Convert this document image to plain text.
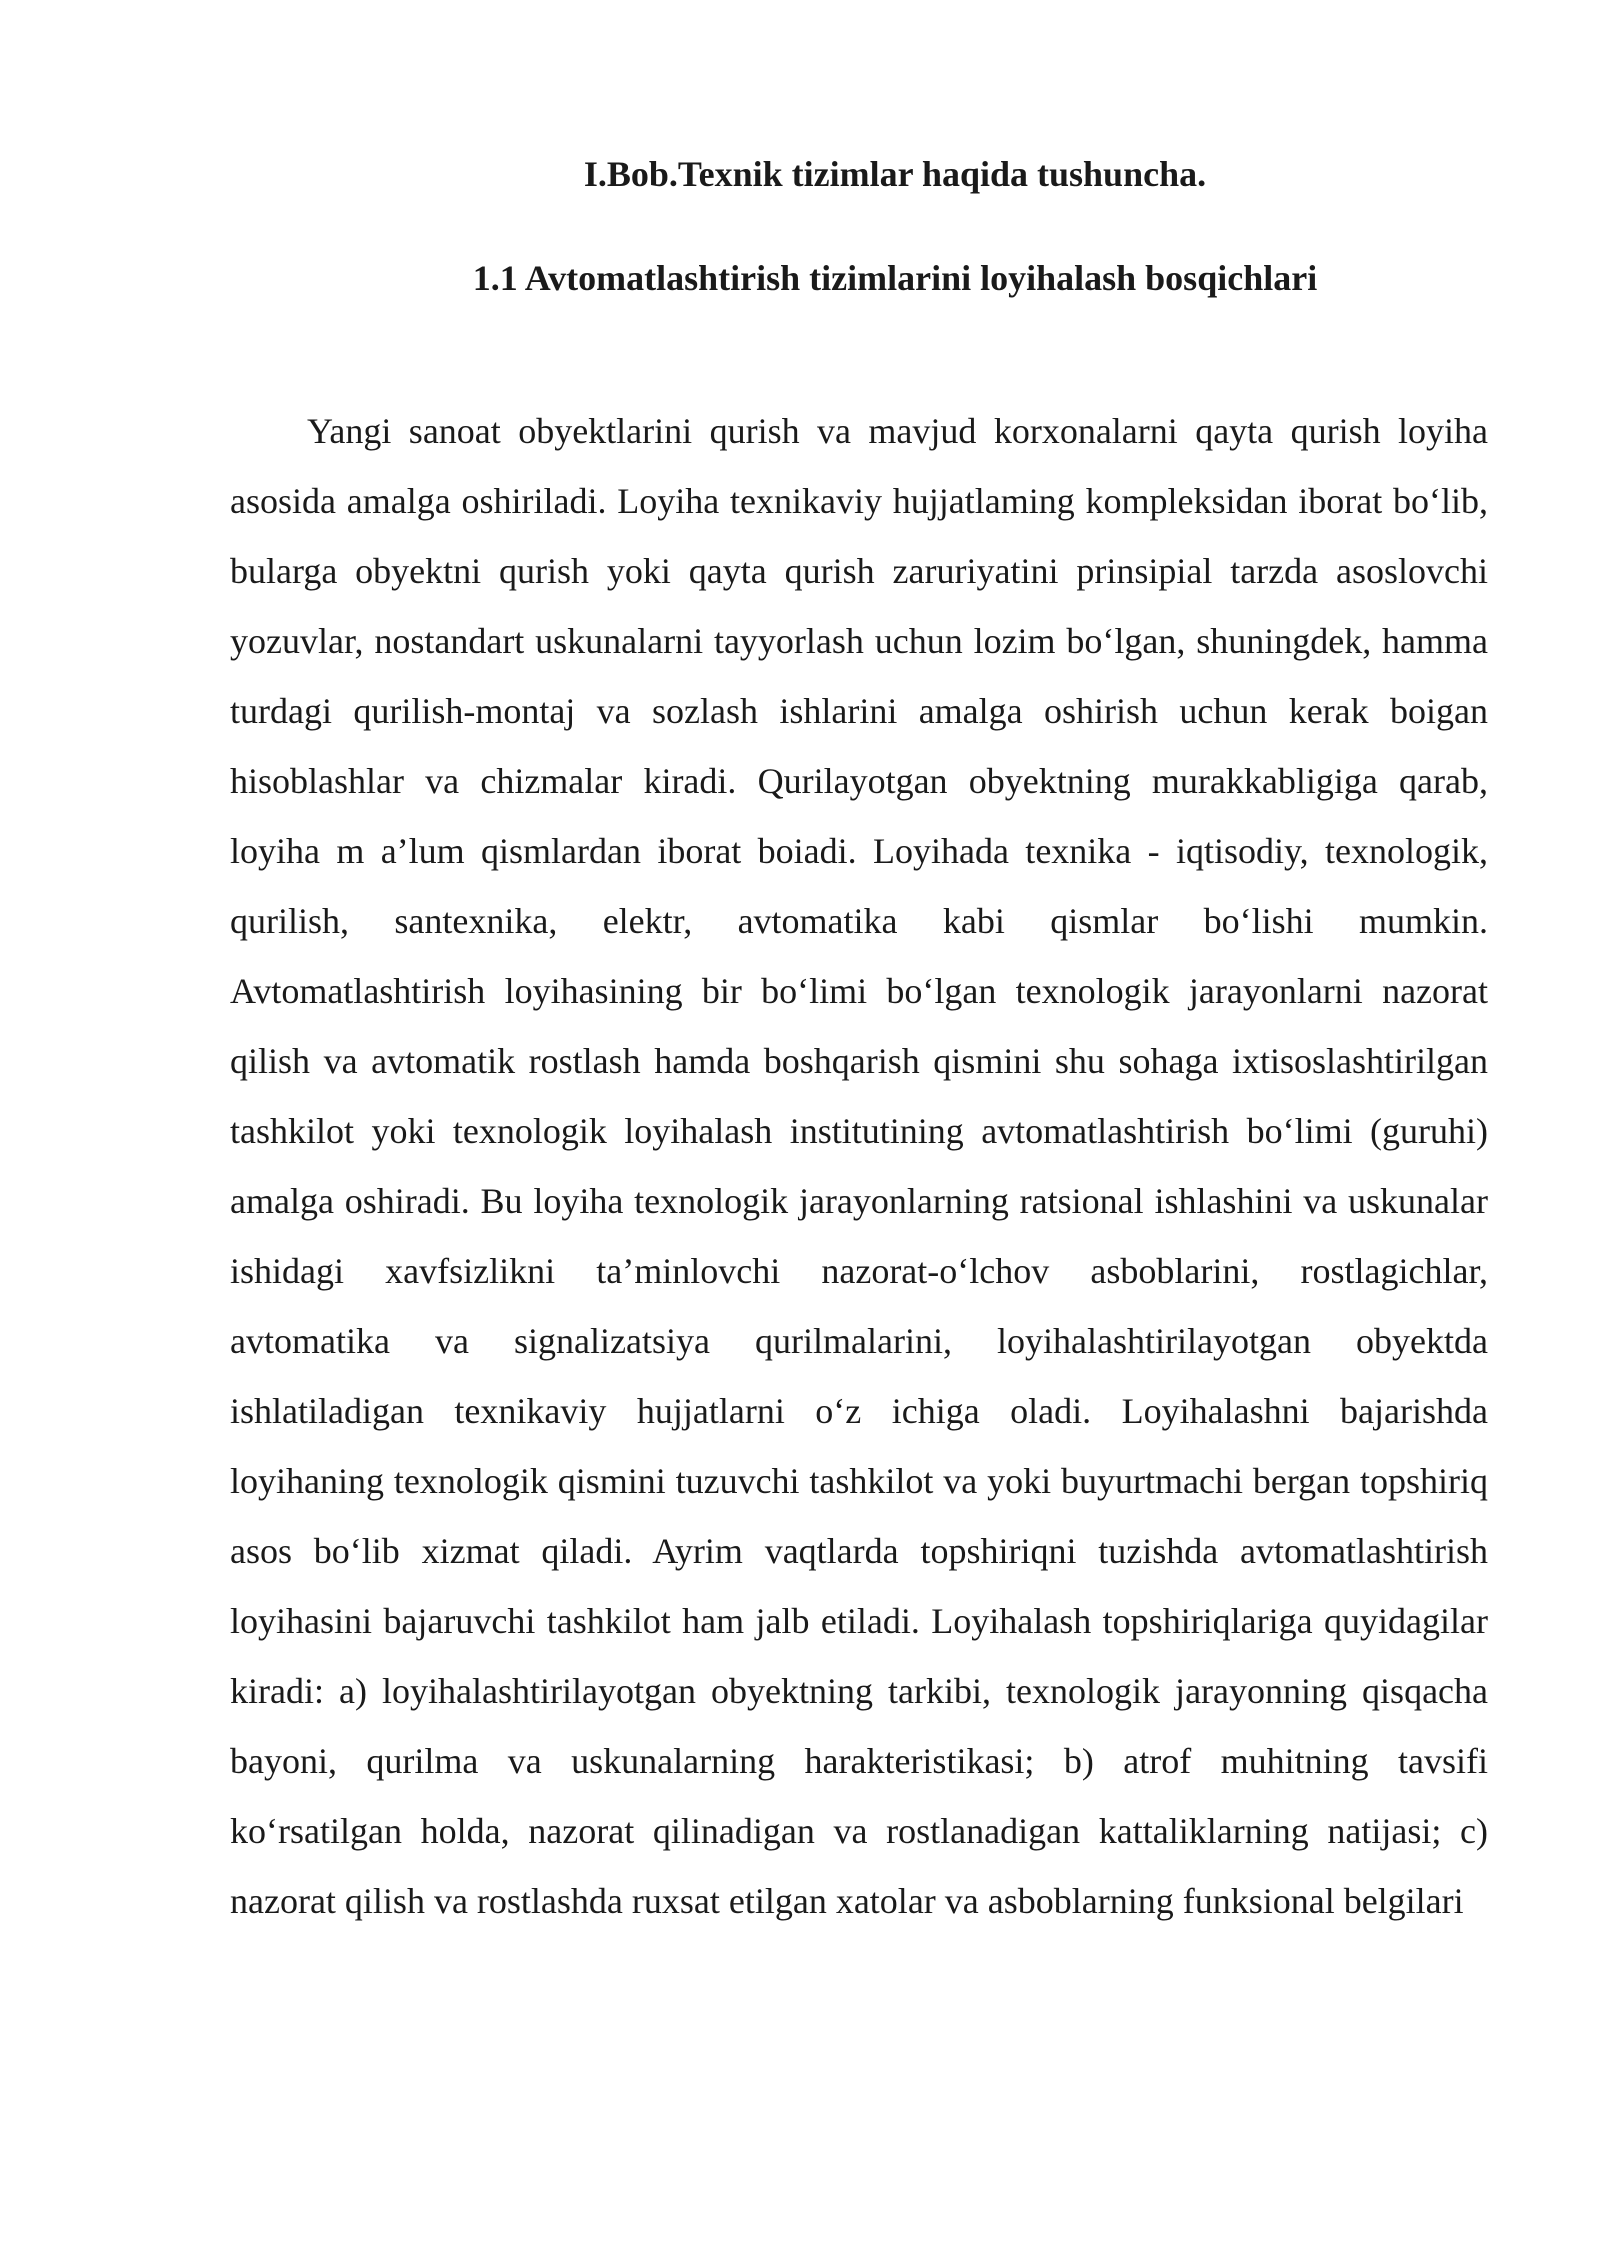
I.Bob.Texnik tizimlar haqida tushuncha.
1.1 Avtomatlashtirish tizimlarini loyihalash bosqichlari

Yangi sanoat obyektlarini qurish va mavjud korxonalarni qayta qurish loyiha asosida amalga oshiriladi. Loyiha texnikaviy hujjatlaming kompleksidan iborat bo‘lib, bularga obyektni qurish yoki qayta qurish zaruriyatini prinsipial tarzda asoslovchi yozuvlar, nostandart uskunalarni tayyorlash uchun lozim bo‘lgan, shuningdek, hamma turdagi qurilish-montaj va sozlash ishlarini amalga oshirish uchun kerak boigan hisoblashlar va chizmalar kiradi. Qurilayotgan obyektning murakkabligiga qarab, loyiha m a’lum qismlardan iborat boiadi. Loyihada texnika - iqtisodiy, texnologik, qurilish, santexnika, elektr, avtomatika kabi qismlar bo‘lishi mumkin. Avtomatlashtirish loyihasining bir bo‘limi bo‘lgan texnologik jarayonlarni nazorat qilish va avtomatik rostlash hamda boshqarish qismini shu sohaga ixtisoslashtirilgan tashkilot yoki texnologik loyihalash institutining avtomatlashtirish bo‘limi (guruhi) amalga oshiradi. Bu loyiha texnologik jarayonlarning ratsional ishlashini va uskunalar ishidagi xavfsizlikni ta’minlovchi nazorat-o‘lchov asboblarini, rostlagichlar, avtomatika va signalizatsiya qurilmalarini, loyihalashtirilayotgan obyektda ishlatiladigan texnikaviy hujjatlarni o‘z ichiga oladi. Loyihalashni bajarishda loyihaning texnologik qismini tuzuvchi tashkilot va yoki buyurtmachi bergan topshiriq asos bo‘lib xizmat qiladi. Ayrim vaqtlarda topshiriqni tuzishda avtomatlashtirish loyihasini bajaruvchi tashkilot ham jalb etiladi. Loyihalash topshiriqlariga quyidagilar kiradi: a) loyihalashtirilayotgan obyektning tarkibi, texnologik jarayonning qisqacha bayoni, qurilma va uskunalarning harakteristikasi; b) atrof muhitning tavsifi ko‘rsatilgan holda, nazorat qilinadigan va rostlanadigan kattaliklarning natijasi; c) nazorat qilish va rostlashda ruxsat etilgan xatolar va asboblarning funksional belgilari
